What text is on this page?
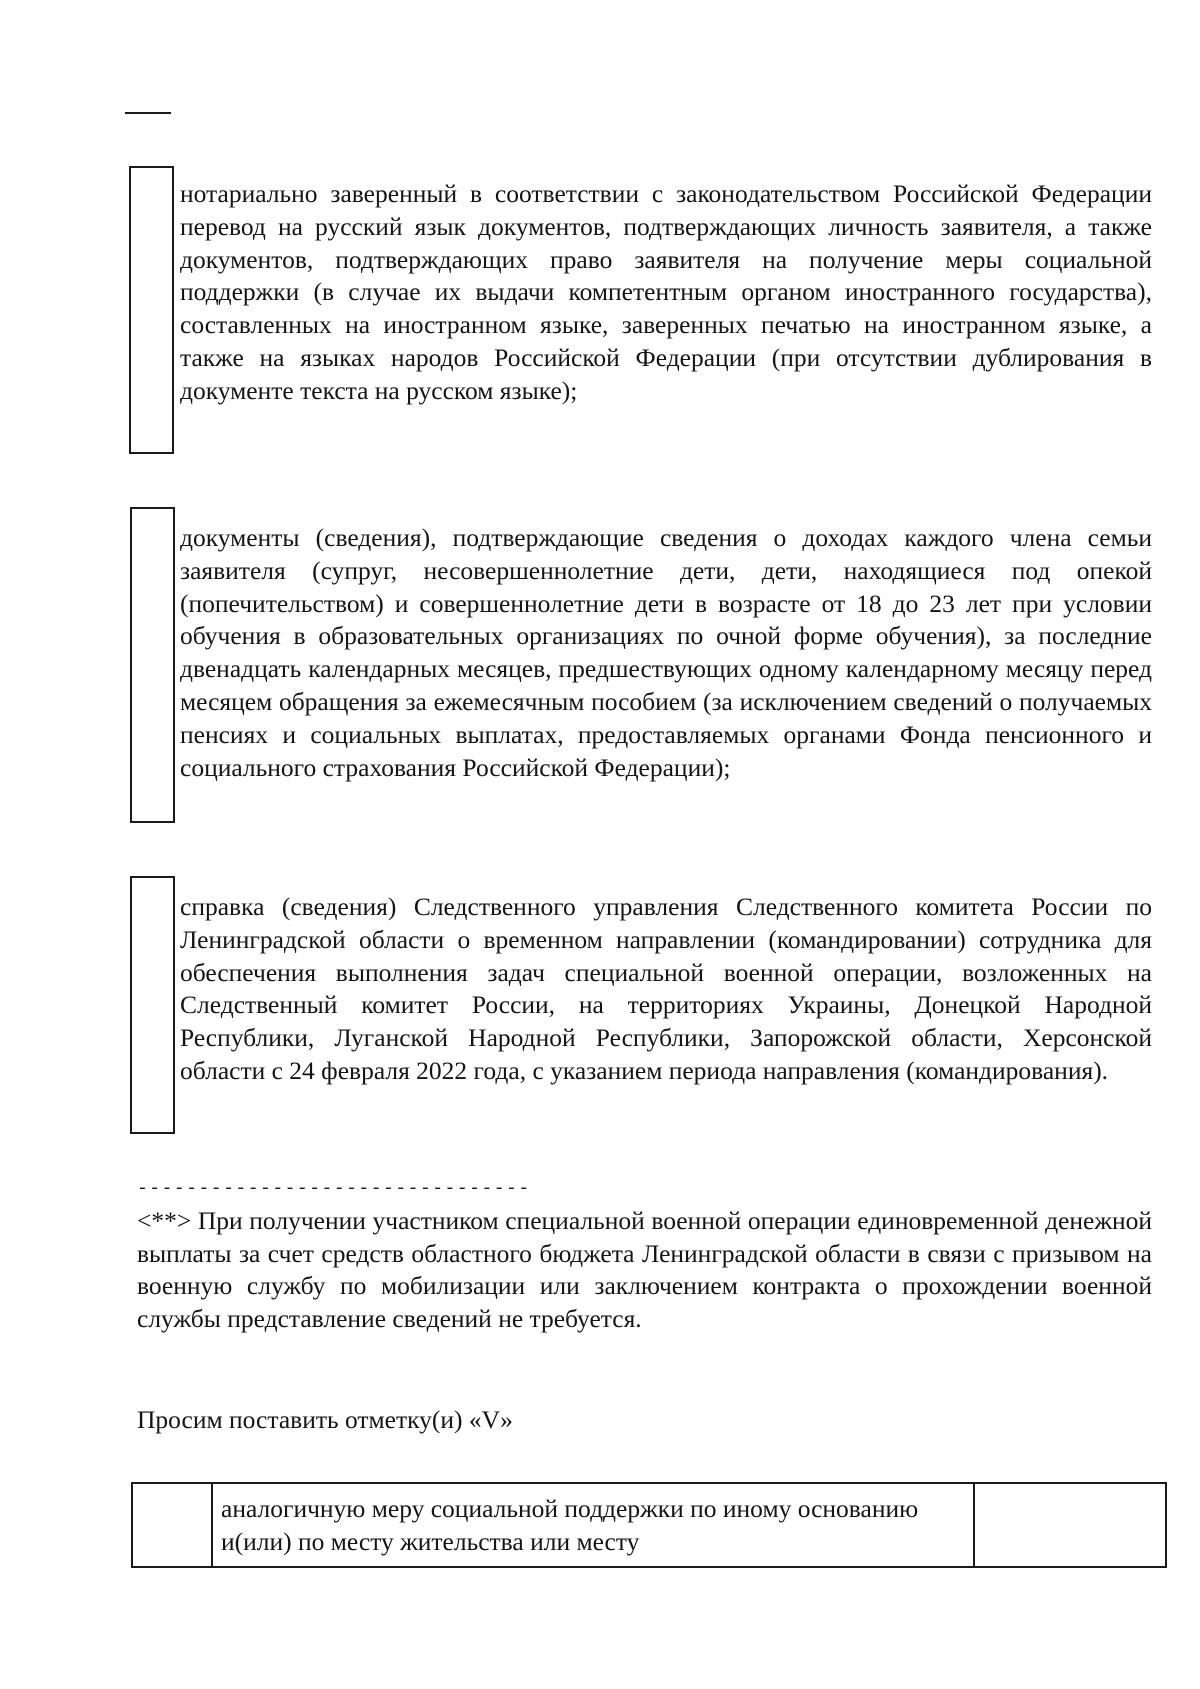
нотариально заверенный в соответствии с законодательством Российской Федерации перевод на русский язык документов, подтверждающих личность заявителя, а также документов, подтверждающих право заявителя на получение меры социальной поддержки (в случае их выдачи компетентным органом иностранного государства), составленных на иностранном языке, заверенных печатью на иностранном языке, а также на языках народов Российской Федерации (при отсутствии дублирования в документе текста на русском языке);

документы (сведения), подтверждающие сведения о доходах каждого члена семьи заявителя (супруг, несовершеннолетние дети, дети, находящиеся под опекой (попечительством) и совершеннолетние дети в возрасте от 18 до 23 лет при условии обучения в образовательных организациях по очной форме обучения), за последние двенадцать календарных месяцев, предшествующих одному календарному месяцу перед месяцем обращения за ежемесячным пособием (за исключением сведений о получаемых пенсиях и социальных выплатах, предоставляемых органами Фонда пенсионного и социального страхования Российской Федерации);

справка (сведения) Следственного управления Следственного комитета России по Ленинградской области о временном направлении (командировании) сотрудника для обеспечения выполнения задач специальной военной операции, возложенных на Следственный комитет России, на территориях Украины, Донецкой Народной Республики, Луганской Народной Республики, Запорожской области, Херсонской области с 24 февраля 2022 года, с указанием периода направления (командирования).

--------------------------------

<**> При получении участником специальной военной операции единовременной денежной выплаты за счет средств областного бюджета Ленинградской области в связи с призывом на военную службу по мобилизации или заключением контракта о прохождении военной службы представление сведений не требуется.

Просим поставить отметку(и) «V»

	аналогичную меру социальной поддержки по иному основанию и(или) по месту жительства или месту	
